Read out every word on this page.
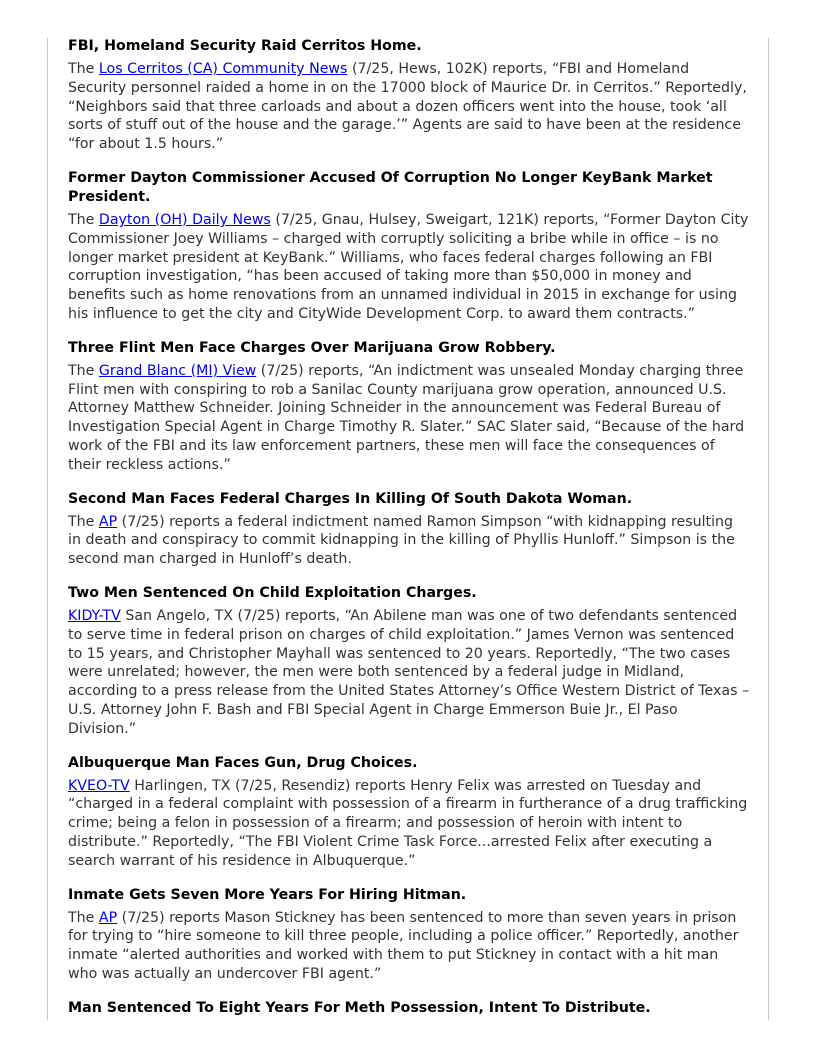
FBI, Homeland Security Raid Cerritos Home.

The Los Cerritos (CA) Community News (7/25, Hews, 102K) reports, “FBI and Homeland Security personnel raided a home in on the 17000 block of Maurice Dr. in Cerritos.” Reportedly, “Neighbors said that three carloads and about a dozen officers went into the house, took ‘all sorts of stuff out of the house and the garage.’” Agents are said to have been at the residence “for about 1.5 hours.”

Former Dayton Commissioner Accused Of Corruption No Longer KeyBank Market President.

The Dayton (OH) Daily News (7/25, Gnau, Hulsey, Sweigart, 121K) reports, “Former Dayton City Commissioner Joey Williams – charged with corruptly soliciting a bribe while in office – is no longer market president at KeyBank.” Williams, who faces federal charges following an FBI corruption investigation, “has been accused of taking more than $50,000 in money and benefits such as home renovations from an unnamed individual in 2015 in exchange for using his influence to get the city and CityWide Development Corp. to award them contracts.”

Three Flint Men Face Charges Over Marijuana Grow Robbery.

The Grand Blanc (MI) View (7/25) reports, “An indictment was unsealed Monday charging three Flint men with conspiring to rob a Sanilac County marijuana grow operation, announced U.S. Attorney Matthew Schneider. Joining Schneider in the announcement was Federal Bureau of Investigation Special Agent in Charge Timothy R. Slater.” SAC Slater said, “Because of the hard work of the FBI and its law enforcement partners, these men will face the consequences of their reckless actions.”

Second Man Faces Federal Charges In Killing Of South Dakota Woman.

The AP (7/25) reports a federal indictment named Ramon Simpson “with kidnapping resulting in death and conspiracy to commit kidnapping in the killing of Phyllis Hunloff.” Simpson is the second man charged in Hunloff’s death.

Two Men Sentenced On Child Exploitation Charges.

KIDY-TV San Angelo, TX (7/25) reports, “An Abilene man was one of two defendants sentenced to serve time in federal prison on charges of child exploitation.” James Vernon was sentenced to 15 years, and Christopher Mayhall was sentenced to 20 years. Reportedly, “The two cases were unrelated; however, the men were both sentenced by a federal judge in Midland, according to a press release from the United States Attorney’s Office Western District of Texas – U.S. Attorney John F. Bash and FBI Special Agent in Charge Emmerson Buie Jr., El Paso Division.”

Albuquerque Man Faces Gun, Drug Choices.

KVEO-TV Harlingen, TX (7/25, Resendiz) reports Henry Felix was arrested on Tuesday and “charged in a federal complaint with possession of a firearm in furtherance of a drug trafficking crime; being a felon in possession of a firearm; and possession of heroin with intent to distribute.” Reportedly, “The FBI Violent Crime Task Force...arrested Felix after executing a search warrant of his residence in Albuquerque.”

Inmate Gets Seven More Years For Hiring Hitman.

The AP (7/25) reports Mason Stickney has been sentenced to more than seven years in prison for trying to “hire someone to kill three people, including a police officer.” Reportedly, another inmate “alerted authorities and worked with them to put Stickney in contact with a hit man who was actually an undercover FBI agent.”

Man Sentenced To Eight Years For Meth Possession, Intent To Distribute.
